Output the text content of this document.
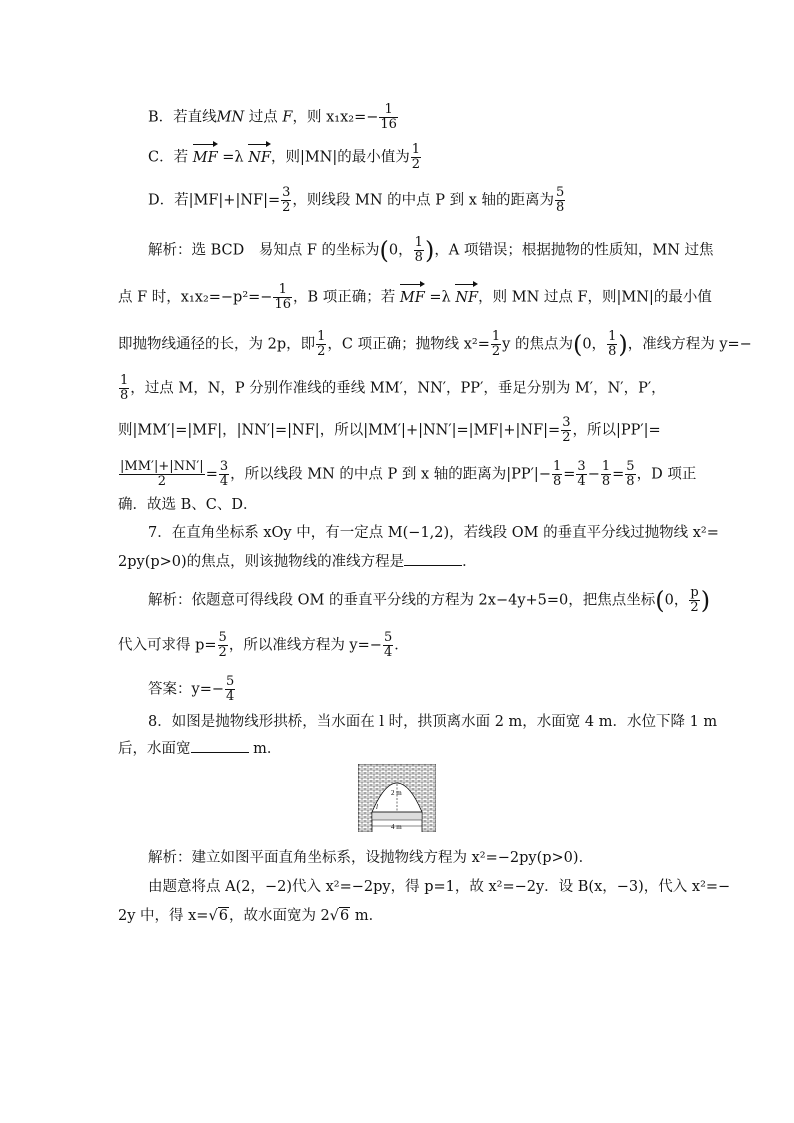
B．若直线MN 过点 F，则 $x_1x_2=- \frac{1}{16}$
C．若 MF =λ NF，则|MN|的最小值为 $\frac{1}{2}$
D．若$|MF|+|NF|= \frac{3}{2}$ ，则线段 MN 的中点 P 到 x 轴的距离为 $\frac{5}{8}$
解析：选 BCD　易知点 F 的坐标为(0， $\frac{1}{8}$ )，A 项错误；根据抛物的性质知，MN 过焦
点 F 时，$x_1x_2=-p^2=- \frac{1}{16}$ ，B 项正确；若 MF =λ NF，则 MN 过点 F，则|MN|的最小值
即抛物线通径的长，为 2p，即 $\frac{1}{2}$ ，C 项正确；抛物线 $x^2= \frac{1}{2}$ y 的焦点为(0， $\frac{1}{8}$ )，准线方程为 y=−
$\frac{1}{8}$ ，过点 M，N，P 分别作准线的垂线 MM′，NN′，PP′，垂足分别为 M′，N′，P′，
则|MM′|=|MF|，|NN′|=|NF|，所以$|MM'|+|NN'|=|MF|+|NF|= \frac{3}{2}$ ，所以|PP′|=
$\frac{|MM'|+|NN'|}{2} = \frac{3}{4}$ ，所以线段 MN 的中点 P 到 x 轴的距离为$|PP'|- \frac{1}{8} = \frac{3}{4} - \frac{1}{8} = \frac{5}{8}$ ，D 项正
确．故选 B、C、D．
7．在直角坐标系 xOy 中，有一定点 M(−1,2)，若线段 OM 的垂直平分线过抛物线 x²=
2py(p>0)的焦点，则该抛物线的准线方程是	．
解析：依题意可得线段 OM 的垂直平分线的方程为 2x−4y+5=0，把焦点坐标(0， $\frac{p}{2}$ )
代入可求得 $p= \frac{5}{2}$ ，所以准线方程为 $y=- \frac{5}{4}$ ．
答案：$y=- \frac{5}{4}$
8．如图是抛物线形拱桥，当水面在 l 时，拱顶离水面 2 m，水面宽 4 m．水位下降 1 m
后，水面宽	m．
2 m
l
4 m
解析：建立如图平面直角坐标系，设抛物线方程为 x²=−2py(p>0)．
由题意将点 A(2，−2)代入 x²=−2py，得 p=1，故 x²=−2y．设 B(x，−3)，代入 x²=−
2y 中，得 x=√6，故水面宽为 2√6 m．
